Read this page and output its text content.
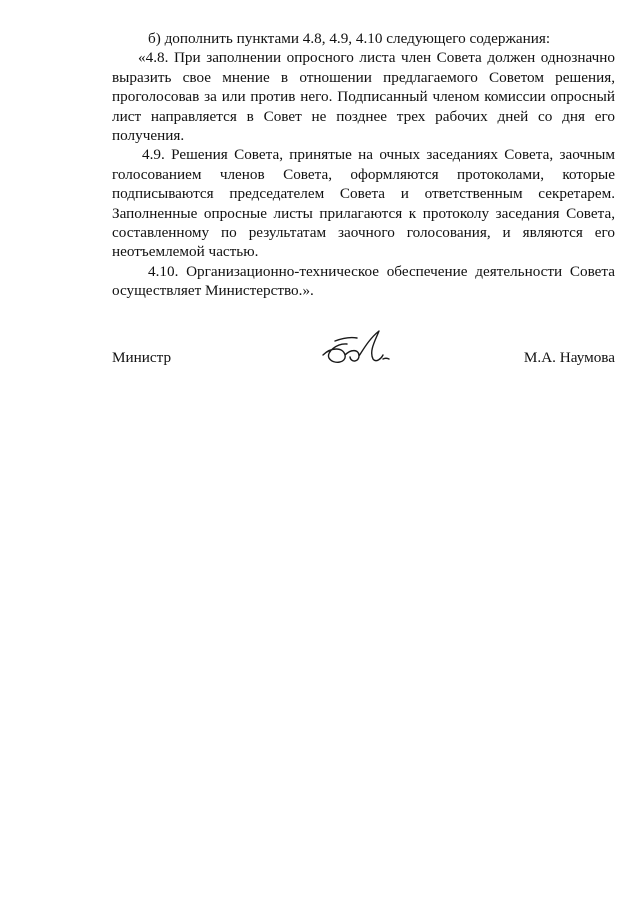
б) дополнить пунктами 4.8, 4.9, 4.10 следующего содержания:

«4.8. При заполнении опросного листа член Совета должен однозначно выразить свое мнение в отношении предлагаемого Советом решения, проголосовав за или против него. Подписанный членом комиссии опросный лист направляется в Совет не позднее трех рабочих дней со дня его получения.

4.9. Решения Совета, принятые на очных заседаниях Совета, заочным голосованием членов Совета, оформляются протоколами, которые подписываются председателем Совета и ответственным секретарем. Заполненные опросные листы прилагаются к протоколу заседания Совета, составленному по результатам заочного голосования, и являются его неотъемлемой частью.

4.10. Организационно-техническое обеспечение деятельности Совета осуществляет Министерство.».

Министр	М.А. Наумова
